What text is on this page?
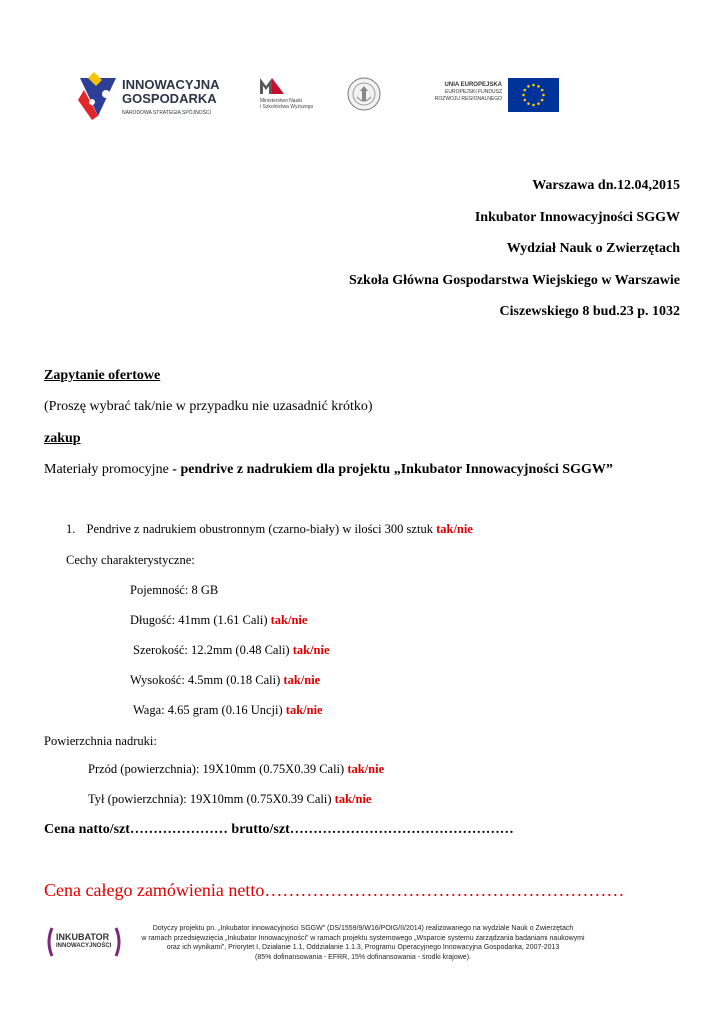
INNOWACYJNA
GOSPODARKA
NARODOWA STRATEGIA SPÓJNOŚCI
Ministerstwo Nauki
i Szkolnictwa Wyższego
UNIA EUROPEJSKA
EUROPEJSKI FUNDUSZ
ROZWOJU REGIONALNEGO
Warszawa dn.12.04,2015
Inkubator Innowacyjności SGGW
Wydział Nauk o Zwierzętach
Szkoła Główna Gospodarstwa Wiejskiego w Warszawie
Ciszewskiego 8 bud.23 p. 1032
Zapytanie ofertowe
(Proszę wybrać tak/nie w przypadku nie uzasadnić krótko)
zakup
Materiały promocyjne - pendrive z nadrukiem dla projektu „Inkubator Innowacyjności SGGW”
1. Pendrive z nadrukiem obustronnym (czarno-biały) w ilości 300 sztuk tak/nie
Cechy charakterystyczne:
Pojemność: 8 GB
Długość: 41mm (1.61 Cali) tak/nie
Szerokość: 12.2mm (0.48 Cali) tak/nie
Wysokość: 4.5mm (0.18 Cali) tak/nie
Waga: 4.65 gram (0.16 Uncji) tak/nie
Powierzchnia nadruki:
Przód (powierzchnia): 19X10mm (0.75X0.39 Cali) tak/nie
Tył (powierzchnia): 19X10mm (0.75X0.39 Cali) tak/nie
Cena natto/szt………………… brutto/szt…………………………………………
Cena całego zamówienia netto……………………………………………………
INKUBATOR
INNOWACYJNOŚCI
Dotyczy projektu pn. „Inkubator innowacyjności SGGW” (DS/1559/9/W16/POIG/II/2014) realizowanego na wydziale Nauk o Zwierzętach
w ramach przedsięwzięcia „Inkubator Innowacyjności” w ramach projektu systemowego „Wsparcie systemu zarządzania badaniami naukowymi
oraz ich wynikami”, Priorytet I, Działanie 1.1, Oddziałanie 1.1.3, Programu Operacyjnego Innowacyjna Gospodarka, 2007-2013
(85% dofinansowania - EFRR, 15% dofinansowania - środki krajowe).
